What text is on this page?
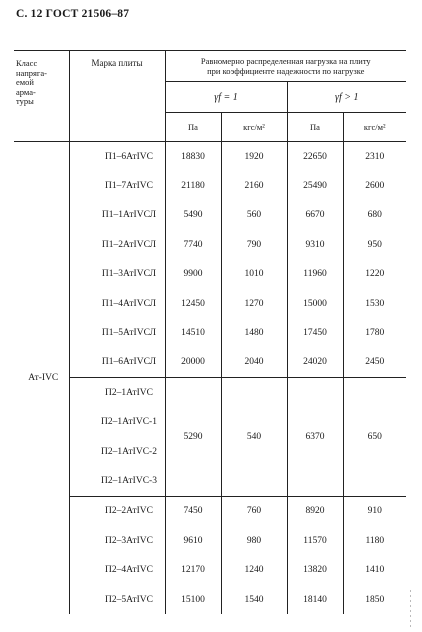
С. 12 ГОСТ 21506–87
Класс
напряга-
емой
арма-
туры	Марка плиты	Равномерно распределенная нагрузка на плиту
при коэффициенте надежности по нагрузке			
		γf = 1		γf > 1	
		Па	кгс/м²	Па	кгс/м²
Ат-IVC	П1–6АтIVC	18830	1920	22650	2310
	П1–7АтIVC	21180	2160	25490	2600
	П1–1АтIVСЛ	5490	560	6670	680
	П1–2АтIVСЛ	7740	790	9310	950
	П1–3АтIVСЛ	9900	1010	11960	1220
	П1–4АтIVСЛ	12450	1270	15000	1530
	П1–5АтIVСЛ	14510	1480	17450	1780
	П1–6АтIVСЛ	20000	2040	24020	2450
	П2–1АтIVC	5290	540	6370	650
	П2–1АтIVC-1				
	П2–1АтIVC-2				
	П2–1АтIVC-3				
	П2–2АтIVC	7450	760	8920	910
	П2–3АтIVC	9610	980	11570	1180
	П2–4АтIVC	12170	1240	13820	1410
	П2–5АтIVC	15100	1540	18140	1850
